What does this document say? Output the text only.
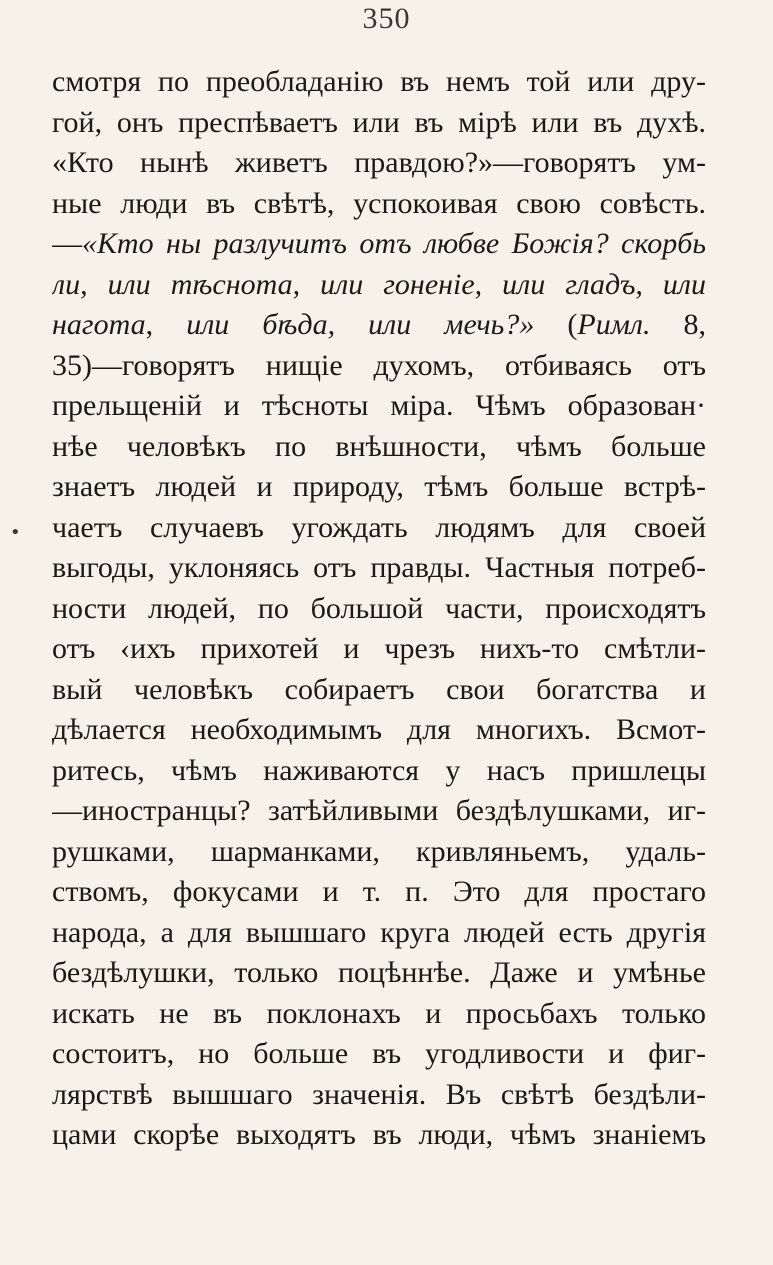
350
•
смотря по преобладанію въ немъ той или дру-
гой, онъ преспѣваетъ или въ мірѣ или въ духѣ.
«Кто нынѣ живетъ правдою?»—говорятъ ум-
ные люди въ свѣтѣ, успокоивая свою совѣсть.
—«Кто ны разлучитъ отъ любве Божія? скорбь
ли, или тѣснота, или гоненіе, или гладъ, или
нагота, или бѣда, или мечь?» (Римл. 8,
35)—говорятъ нищіе духомъ, отбиваясь отъ
прельщеній и тѣсноты міра. Чѣмъ образован·
нѣе человѣкъ по внѣшности, чѣмъ больше
знаетъ людей и природу, тѣмъ больше встрѣ-
чаетъ случаевъ угождать людямъ для своей
выгоды, уклоняясь отъ правды. Частныя потреб-
ности людей, по большой части, происходятъ
отъ ‹ихъ прихотей и чрезъ нихъ-то смѣтли-
вый человѣкъ собираетъ свои богатства и
дѣлается необходимымъ для многихъ. Всмот-
ритесь, чѣмъ наживаются у насъ пришлецы
—иностранцы? затѣйливыми бездѣлушками, иг-
рушками, шарманками, кривляньемъ, удаль-
ствомъ, фокусами и т. п. Это для простаго
народа, а для вышшаго круга людей есть другія
бездѣлушки, только поцѣннѣе. Даже и умѣнье
искать не въ поклонахъ и просьбахъ только
состоитъ, но больше въ угодливости и фиг-
лярствѣ вышшаго значенія. Въ свѣтѣ бездѣли-
цами скорѣе выходятъ въ люди, чѣмъ знаніемъ
